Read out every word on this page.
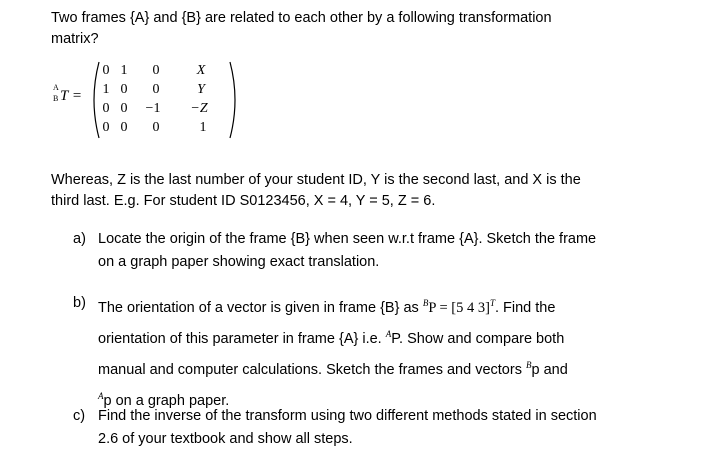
Two frames {A} and {B} are related to each other by a following transformation
matrix?
A
B T =
0 1	0	X
1 0	0	Y
0 0	−1	−Z
0 0	0	1
Whereas, Z is the last number of your student ID, Y is the second last, and X is the
third last. E.g. For student ID S0123456, X = 4, Y = 5, Z = 6.
a) Locate the origin of the frame {B} when seen w.r.t frame {A}. Sketch the frame
on a graph paper showing exact translation.
b) The orientation of a vector is given in frame {B} as $^B$P = [5 4 3]$^T$. Find the
orientation of this parameter in frame {A} i.e. $^A$P. Show and compare both
manual and computer calculations. Sketch the frames and vectors $^B$p and
$^A$p on a graph paper.
c) Find the inverse of the transform using two different methods stated in section
2.6 of your textbook and show all steps.
